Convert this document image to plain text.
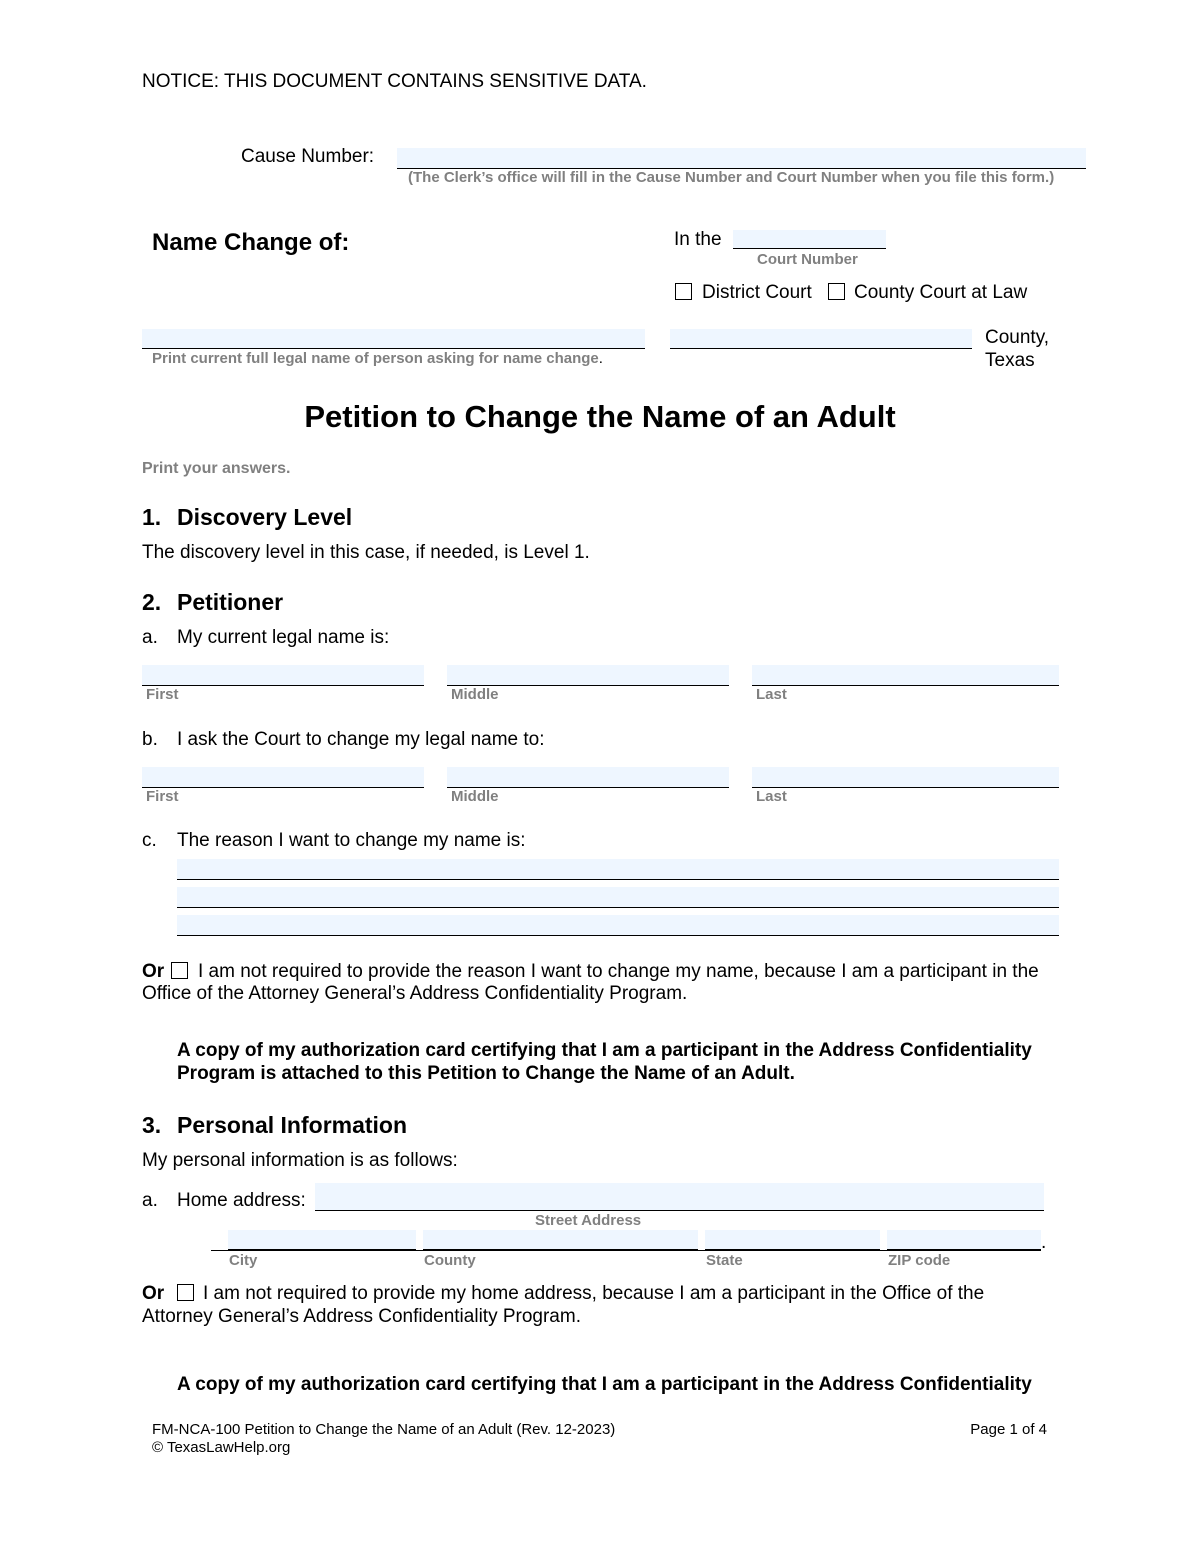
NOTICE: THIS DOCUMENT CONTAINS SENSITIVE DATA.
Cause Number:
(The Clerk’s office will fill in the Cause Number and Court Number when you file this form.)
Name Change of:	In the
Court Number
District Court County Court at Law
Print current full legal name of person asking for name change.
County,
Texas
Petition to Change the Name of an Adult
Print your answers.
1. Discovery Level
The discovery level in this case, if needed, is Level 1.
2. Petitioner
a. My current legal name is:
First	Middle	Last
b. I ask the Court to change my legal name to:
First	Middle	Last
c. The reason I want to change my name is:
Or I am not required to provide the reason I want to change my name, because I am a participant in the
Office of the Attorney General’s Address Confidentiality Program.
A copy of my authorization card certifying that I am a participant in the Address Confidentiality
Program is attached to this Petition to Change the Name of an Adult.
3. Personal Information
My personal information is as follows:
a. Home address:
Street Address
.
City	County	State	ZIP code
Or I am not required to provide my home address, because I am a participant in the Office of the
Attorney General’s Address Confidentiality Program.
A copy of my authorization card certifying that I am a participant in the Address Confidentiality
FM-NCA-100 Petition to Change the Name of an Adult (Rev. 12-2023)
© TexasLawHelp.org
Page 1 of 4
